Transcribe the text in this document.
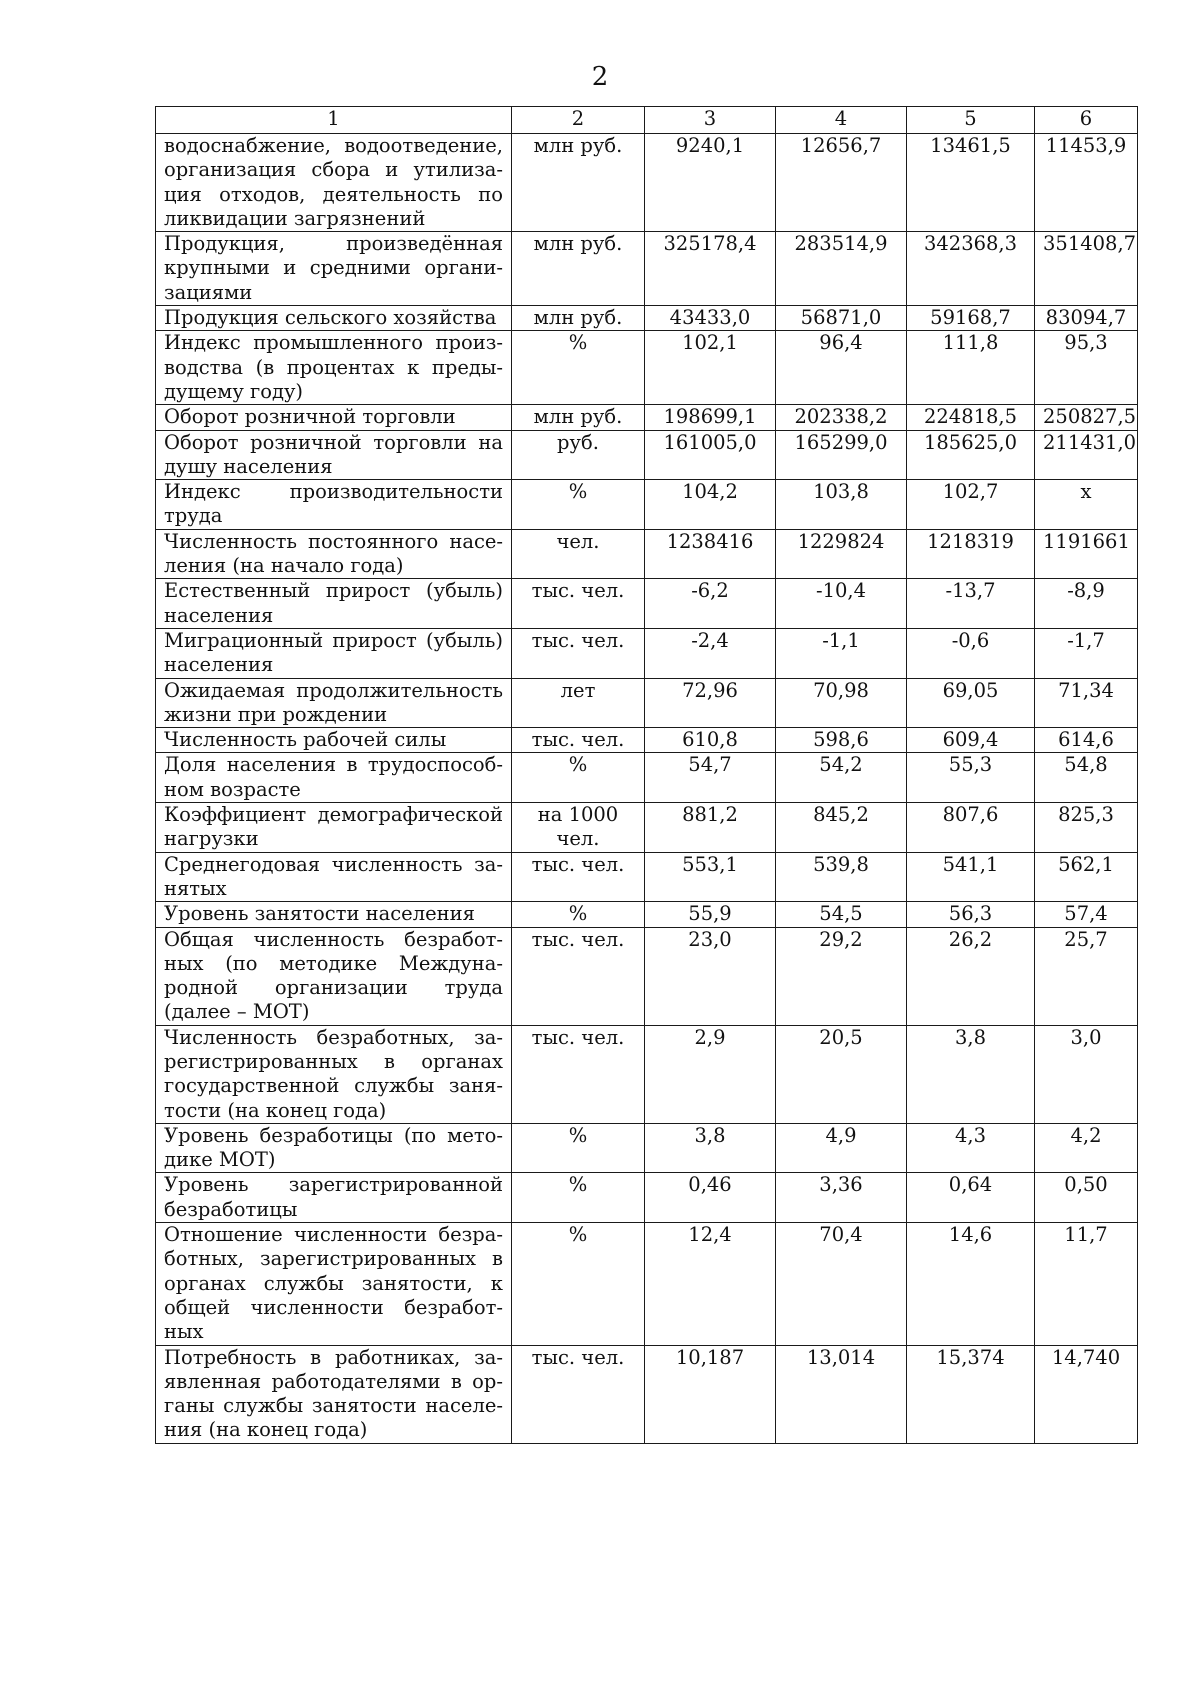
2
1	2	3	4	5	6
водоснабжение, водоотведение, организация сбора и утилиза-ция отходов, деятельность по ликвидации загрязнений	млн руб.	9240,1	12656,7	13461,5	11453,9
Продукция, произведённая крупными и средними органи-зациями	млн руб.	325178,4	283514,9	342368,3	351408,7
Продукция сельского хозяйства	млн руб.	43433,0	56871,0	59168,7	83094,7
Индекс промышленного произ-водства (в процентах к преды-дущему году)	%	102,1	96,4	111,8	95,3
Оборот розничной торговли	млн руб.	198699,1	202338,2	224818,5	250827,5
Оборот розничной торговли на душу населения	руб.	161005,0	165299,0	185625,0	211431,0
Индекс производительности труда	%	104,2	103,8	102,7	х
Численность постоянного насе-ления (на начало года)	чел.	1238416	1229824	1218319	1191661
Естественный прирост (убыль) населения	тыс. чел.	-6,2	-10,4	-13,7	-8,9
Миграционный прирост (убыль) населения	тыс. чел.	-2,4	-1,1	-0,6	-1,7
Ожидаемая продолжительность жизни при рождении	лет	72,96	70,98	69,05	71,34
Численность рабочей силы	тыс. чел.	610,8	598,6	609,4	614,6
Доля населения в трудоспособ-ном возрасте	%	54,7	54,2	55,3	54,8
Коэффициент демографической нагрузки	на 1000 чел.	881,2	845,2	807,6	825,3
Среднегодовая численность за-нятых	тыс. чел.	553,1	539,8	541,1	562,1
Уровень занятости населения	%	55,9	54,5	56,3	57,4
Общая численность безработ-ных (по методике Междуна-родной организации труда (далее – МОТ)	тыс. чел.	23,0	29,2	26,2	25,7
Численность безработных, за-регистрированных в органах государственной службы заня-тости (на конец года)	тыс. чел.	2,9	20,5	3,8	3,0
Уровень безработицы (по мето-дике МОТ)	%	3,8	4,9	4,3	4,2
Уровень зарегистрированной безработицы	%	0,46	3,36	0,64	0,50
Отношение численности безра-ботных, зарегистрированных в органах службы занятости, к общей численности безработ-ных	%	12,4	70,4	14,6	11,7
Потребность в работниках, за-явленная работодателями в ор-ганы службы занятости населе-ния (на конец года)	тыс. чел.	10,187	13,014	15,374	14,740
